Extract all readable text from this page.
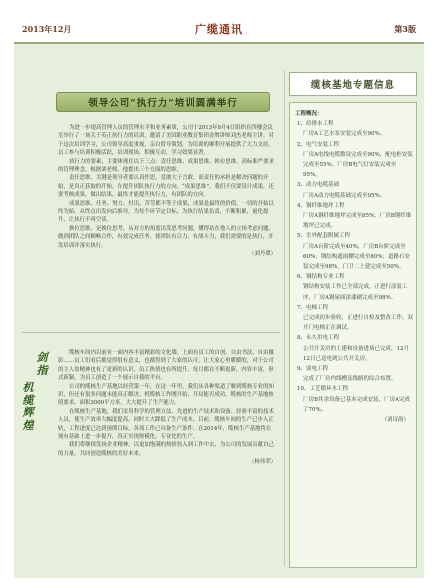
2013年12月	广缆通讯	第3版
领导公司“执行力”培训圆满举行

为进一步提高管理人员的管理水平和业务素质，公司于2013年9月4日组织在四楼会议室举行了一场关于英正执行力的培训，邀请了美国职业教育集团金牌讲师刘杰老师主讲。对于这次培训学习，公司领导高度重视，亲自督导策划，为培训的顺利开展提供了大力支持。员工参与培训积极活跃，培训现场，积极互动，学习效果显著。

执行力的要素，主要体现在以下三点：责任思维、成果思维、换位思维。高标准严要求的管理理念，根据刘老师，他提出三个方面的思维。

责任思维，关键是领导者要认真作思，竟敢大于言敢，而责任的承担是解决问题的开始，是真正获取的开始。在提升团队执行力的方向，“成果思维”，我们不仅要设计成果，还要考核成果，做出结果，最终才能提升执行力，有团队的方向。

成果思维，任务、努力、付出，苦劳都不等于成果，成果是最终的价值，一切的开始以终为始，从终点出发向后推导，为每个环节定目标，为执行结果负责，不断积累，量化提升，让执行不再空谈。

换位思维，是换位思考，从对方的角度出发思考问题，懂得站在他人的立场考虑问题，做到团队之间顺畅合作，有效完成任务，使团队有合力、有战斗力，我们需要的是执行，开发培训并落实执行。

（刘丹谭）

剑指
机缆辉煌

缆核车间内以前有一面内容丰富精彩的文化墙，上面有员工的自创、自由书法、自由摄影……员工们看后都觉得很有意义，也都得到了大家的认可，让大家心里暖暖的，对于公司的主人翁精神也有了更新的认识，员工热情也有所提升。每月都在不断更新，内容丰富，形式新颖，为员工创造了一个展示自我的平台。

公司的缆核生产基地以经营第一年，在这一年里，我们从各种渠道了解到缆核专业的知识，但还有很多问题未能真正解决。机缆核工作刚开始，开局能否成功，缆核的生产基地按照要求，面积3000平方米，大大提升了生产能力。

在缆核生产基地，我们采用科学的管理方法、先进的生产技术和设备、经验丰富的技术人员，使生产效率大幅度提高，同时大大降低了生产成本。目前，缆核车间的生产已步入正轨，工程进度已达到预期目标，各项工作已具备生产条件。在2014年，缆核生产基地将在现有基础上进一步提升，真正实现规模化、专业化的生产。

我们将继续发扬企业精神，以更加饱满的热情投入到工作中去，为公司的发展贡献自己的力量，共同创造缆核的美好未来。

（杨伟荣）

缆核基地专题信息
工程概况：
1、给排水工程
厂房A工艺水泵安装完成至90%。
2、电气安装工程
厂房A电线电缆敷设完成至90%，配电柜安装完成至55%。厂房B电气灯安装完成至95%。
3、动力电缆基础
厂房A动力电缆基础完成至95%。
4、钢纤维地坪工程
厂房A钢纤维地坪完成至85%。厂房B钢纤维地坪已完成。
5、室外配套附属工程
厂房A台阶完成至40%，厂房B台阶完成至60%；钢结构遮雨棚完成至80%；道路石安装完成至98%，门卫二土建完成至50%。
6、钢结构专业工程
钢结构安装工作已全部完成，正进行涂装工序，厂房A钢屋面涂漆刷完成至98%。
7、电梯工程
已完成初步验收，正进行自检及整改工作，双开门电梯正在调试。
8、永久用电工程
公共开关房的土建和设备进场已完成，12月12日已送电到公共开关房。
9、弱电工程
完成了厂房内线槽及线路的综合布置。
10、工艺循环水工程
厂房B其余设备已基本完成安装，厂房A完成了70%。
（刘诗韵）
